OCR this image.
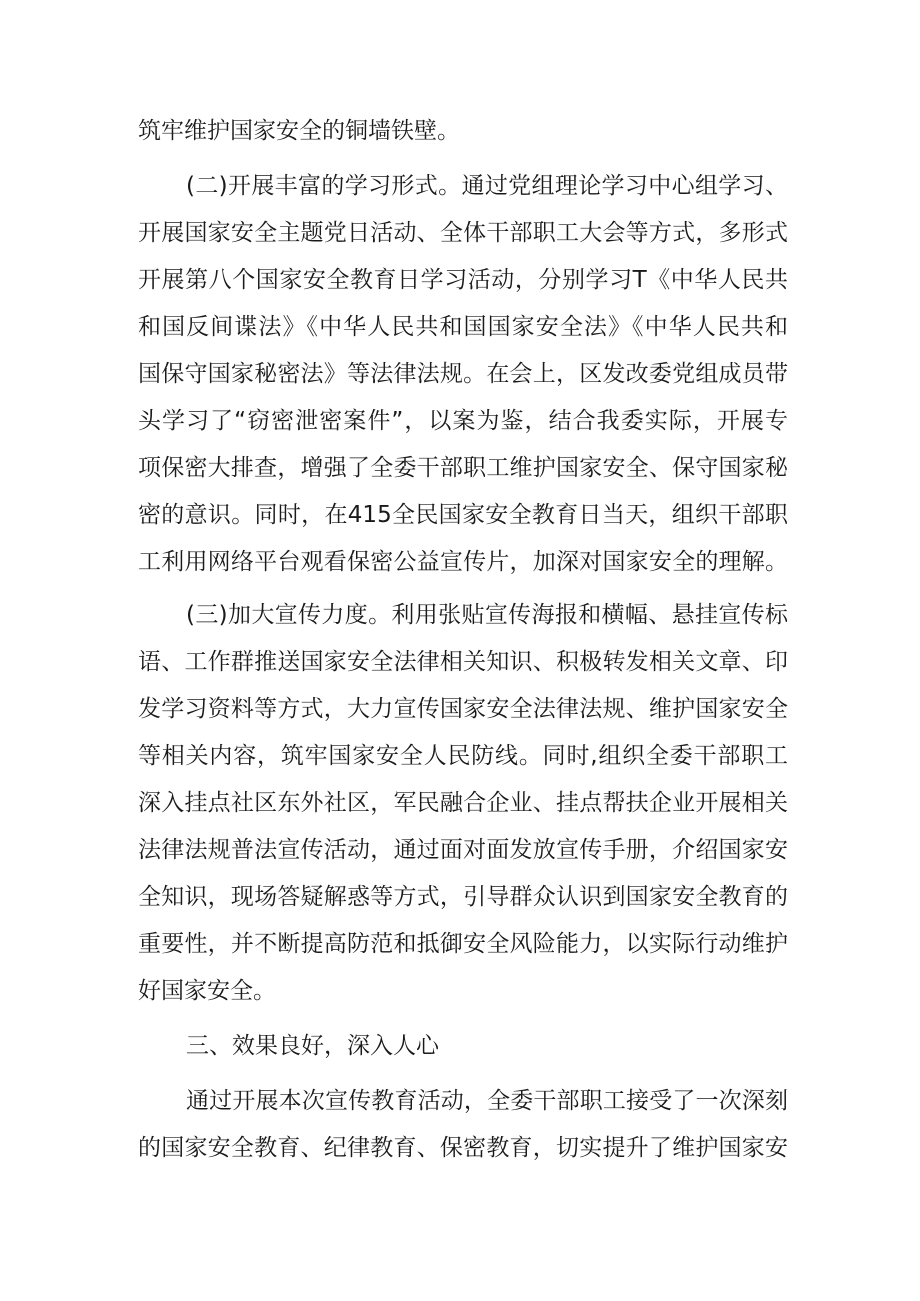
筑牢维护国家安全的铜墙铁壁。
(二)开展丰富的学习形式。通过党组理论学习中心组学习、
开展国家安全主题党日活动、全体干部职工大会等方式，多形式
开展第八个国家安全教育日学习活动，分别学习T《中华人民共
和国反间谍法》《中华人民共和国国家安全法》《中华人民共和
国保守国家秘密法》等法律法规。在会上，区发改委党组成员带
头学习了“窃密泄密案件”，以案为鉴，结合我委实际，开展专
项保密大排查，增强了全委干部职工维护国家安全、保守国家秘
密的意识。同时，在415全民国家安全教育日当天，组织干部职
工利用网络平台观看保密公益宣传片，加深对国家安全的理解。
(三)加大宣传力度。利用张贴宣传海报和横幅、悬挂宣传标
语、工作群推送国家安全法律相关知识、积极转发相关文章、印
发学习资料等方式，大力宣传国家安全法律法规、维护国家安全
等相关内容，筑牢国家安全人民防线。同时,组织全委干部职工
深入挂点社区东外社区，军民融合企业、挂点帮扶企业开展相关
法律法规普法宣传活动，通过面对面发放宣传手册，介绍国家安
全知识，现场答疑解惑等方式，引导群众认识到国家安全教育的
重要性，并不断提高防范和抵御安全风险能力，以实际行动维护
好国家安全。
三、效果良好，深入人心
通过开展本次宣传教育活动，全委干部职工接受了一次深刻
的国家安全教育、纪律教育、保密教育，切实提升了维护国家安
